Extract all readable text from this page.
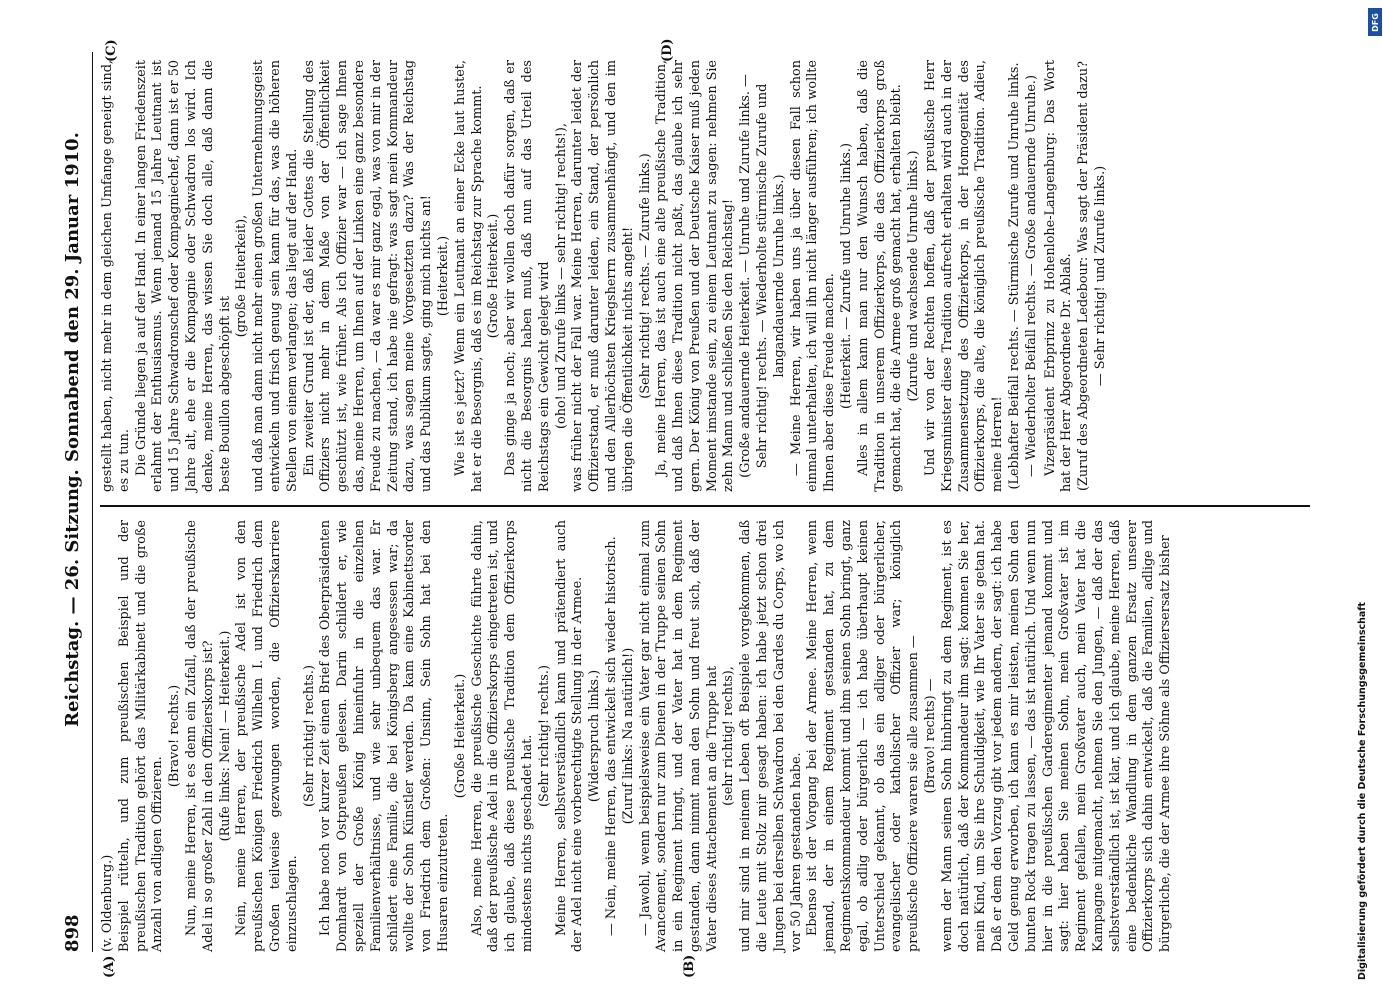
898
Reichstag. — 26. Sitzung.
Sonnabend den 29. Januar 1910.
(A)	(B)
(C)	(D)

(v. Oldenburg.) Beispiel rütteln, und zum preußischen Beispiel und der preußischen Tradition gehört das Militärkabinett und die große Anzahl von adligen Offizieren.

(Bravo! rechts.) Nun, meine Herren, ist es denn ein Zufall, daß der preußische Adel in so großer Zahl in den Offizierskorps ist? (Rufe links: Nein! — Heiterkeit.) Nein, meine Herren, der preußische Adel ist von den preußischen Königen Friedrich Wilhelm I. und Friedrich dem Großen teilweise gezwungen worden, die Offizierskarriere einzuschlagen.

(Sehr richtig! rechts.) Ich habe noch vor kurzer Zeit einen Brief des Oberpräsidenten Domhardt von Ostpreußen gelesen. Darin schildert er, wie speziell der Große König hineinfuhr in die einzelnen Familienverhältnisse, und wie sehr unbequem das war. Er schildert eine Familie, die bei Königsberg angesessen war; da wollte der Sohn Künstler werden. Da kam eine Kabinettsorder von Friedrich dem Großen: Unsinn, Sein Sohn hat bei den Husaren einzutreten.

(Große Heiterkeit.) Also, meine Herren, die preußische Geschichte führte dahin, daß der preußische Adel in die Offizierskorps eingetreten ist, und ich glaube, daß diese preußische Tradition dem Offizierkorps mindestens nichts geschadet hat. (Sehr richtig! rechts.) Meine Herren, selbstverständlich kann und prätendiert auch der Adel nicht eine vorberechtigte Stellung in der Armee. (Widerspruch links.) — Nein, meine Herren, das entwickelt sich wieder historisch. (Zuruf links: Na natürlich!) — Jawohl, wenn beispielsweise ein Vater gar nicht einmal zum Avancement, sondern nur zum Dienen in der Truppe seinen Sohn in ein Regiment bringt, und der Vater hat in dem Regiment gestanden, dann nimmt man den Sohn und freut sich, daß der Vater dieses Attachement an die Truppe hat (sehr richtig! rechts), und mir sind in meinem Leben oft Beispiele vorgekommen, daß die Leute mit Stolz mir gesagt haben: ich habe jetzt schon drei Jungen bei derselben Schwadron bei den Gardes du Corps, wo ich vor 50 Jahren gestanden habe. Ebenso ist der Vorgang bei der Armee. Meine Herren, wenn jemand, der in einem Regiment gestanden hat, zu dem Regimentskommandeur kommt und ihm seinen Sohn bringt, ganz egal, ob adlig oder bürgerlich — ich habe überhaupt keinen Unterschied gekannt, ob das ein adliger oder bürgerlicher, evangelischer oder katholischer Offizier war; königlich preußische Offiziere waren sie alle zusammen — (Bravo! rechts) — wenn der Mann seinen Sohn hinbringt zu dem Regiment, ist es doch natürlich, daß der Kommandeur ihm sagt: kommen Sie her, mein Kind, um Sie ihre Schuldigkeit, wie Ihr Vater sie getan hat. Daß er dem den Vorzug gibt vor jedem andern, der sagt: ich habe Geld genug erworben, ich kann es mir leisten, meinen Sohn den bunten Rock tragen zu lassen, — das ist natürlich. Und wenn nun hier in die preußischen Garderegimenter jemand kommt und sagt: hier haben Sie meinen Sohn, mein Großvater ist im Regiment gefallen, mein Großvater auch, mein Vater hat die Kampagne mitgemacht, nehmen Sie den Jungen, — daß der das selbstverständlich ist, ist klar, und ich glaube, meine Herren, daß eine bedenkliche Wandlung in dem ganzen Ersatz unserer Offizierkorps sich dahin entwickelt, daß die Familien, adlige und bürgerliche, die der Armee ihre Söhne als Offiziersersatz bisher

gestellt haben, nicht mehr in dem gleichen Umfange geneigt sind, es zu tun. Die Gründe liegen ja auf der Hand. In einer langen Friedenszeit erlahmt der Enthusiasmus. Wenn jemand 15 Jahre Leutnant ist und 15 Jahre Schwadronschef oder Kompagniechef, dann ist er 50 Jahre alt, ehe er die Kompagnie oder Schwadron los wird. Ich denke, meine Herren, das wissen Sie doch alle, daß dann die beste Bouillon abgeschöpft ist

(große Heiterkeit), und daß man dann nicht mehr einen großen Unternehmungsgeist entwickeln und frisch genug sein kann für das, was die höheren Stellen von einem verlangen; das liegt auf der Hand. Ein zweiter Grund ist der, daß leider Gottes die Stellung des Offiziers nicht mehr in dem Maße von der Öffentlichkeit geschützt ist, wie früher. Als ich Offizier war — ich sage Ihnen das, meine Herren, um Ihnen auf der Linken eine ganz besondere Freude zu machen, — da war es mir ganz egal, was von mir in der Zeitung stand, ich habe nie gefragt: was sagt mein Kommandeur dazu, was sagen meine Vorgesetzten dazu? Was der Reichstag und das Publikum sagte, ging mich nichts an! (Heiterkeit.) Wie ist es jetzt? Wenn ein Leutnant an einer Ecke laut hustet, hat er die Besorgnis, daß es im Reichstag zur Sprache kommt. (Große Heiterkeit.) Das ginge ja noch; aber wir wollen doch dafür sorgen, daß er nicht die Besorgnis haben muß, daß nun auf das Urteil des Reichstags ein Gewicht gelegt wird (oho! und Zurufe links — sehr richtig! rechts!), was früher nicht der Fall war. Meine Herren, darunter leidet der Offizierstand, er muß darunter leiden, ein Stand, der persönlich und den Allerhöchsten Kriegsherrn zusammenhängt, und den im übrigen die Öffentlichkeit nichts angeht! (Sehr richtig! rechts. — Zurufe links.) Ja, meine Herren, das ist auch eine alte preußische Tradition, und daß Ihnen diese Tradition nicht paßt, das glaube ich sehr gern. Der König von Preußen und der Deutsche Kaiser muß jeden Moment imstande sein, zu einem Leutnant zu sagen: nehmen Sie zehn Mann und schließen Sie den Reichstag! (Große andauernde Heiterkeit. — Unruhe und Zurufe links. — Sehr richtig! rechts. — Wiederholte stürmische Zurufe und langandauernde Unruhe links.) — Meine Herren, wir haben uns ja über diesen Fall schon einmal unterhalten, ich will ihn nicht länger ausführen; ich wollte Ihnen aber diese Freude machen. (Heiterkeit. — Zurufe und Unruhe links.) Alles in allem kann man nur den Wunsch haben, daß die Tradition in unserem Offizierkorps, die das Offizierkorps groß gemacht hat, die die Armee groß gemacht hat, erhalten bleibt. (Zurufe und wachsende Unruhe links.) Und wir von der Rechten hoffen, daß der preußische Herr Kriegsminister diese Tradition aufrecht erhalten wird auch in der Zusammensetzung des Offizierkorps, in der Homogenität des Offizierkorps, die alte, die königlich preußische Tradition. Adieu, meine Herren! (Lebhafter Beifall rechts. — Stürmische Zurufe und Unruhe links. — Wiederholter Beifall rechts. — Große andauernde Unruhe.) Vizepräsident Erbprinz zu Hohenlohe-Langenburg: Das Wort hat der Herr Abgeordnete Dr. Ablaß. (Zuruf des Abgeordneten Ledebour: Was sagt der Präsident dazu? — Sehr richtig! und Zurufe links.)

Digitalisierung gefördert durch die Deutsche Forschungsgemeinschaft
DFG
